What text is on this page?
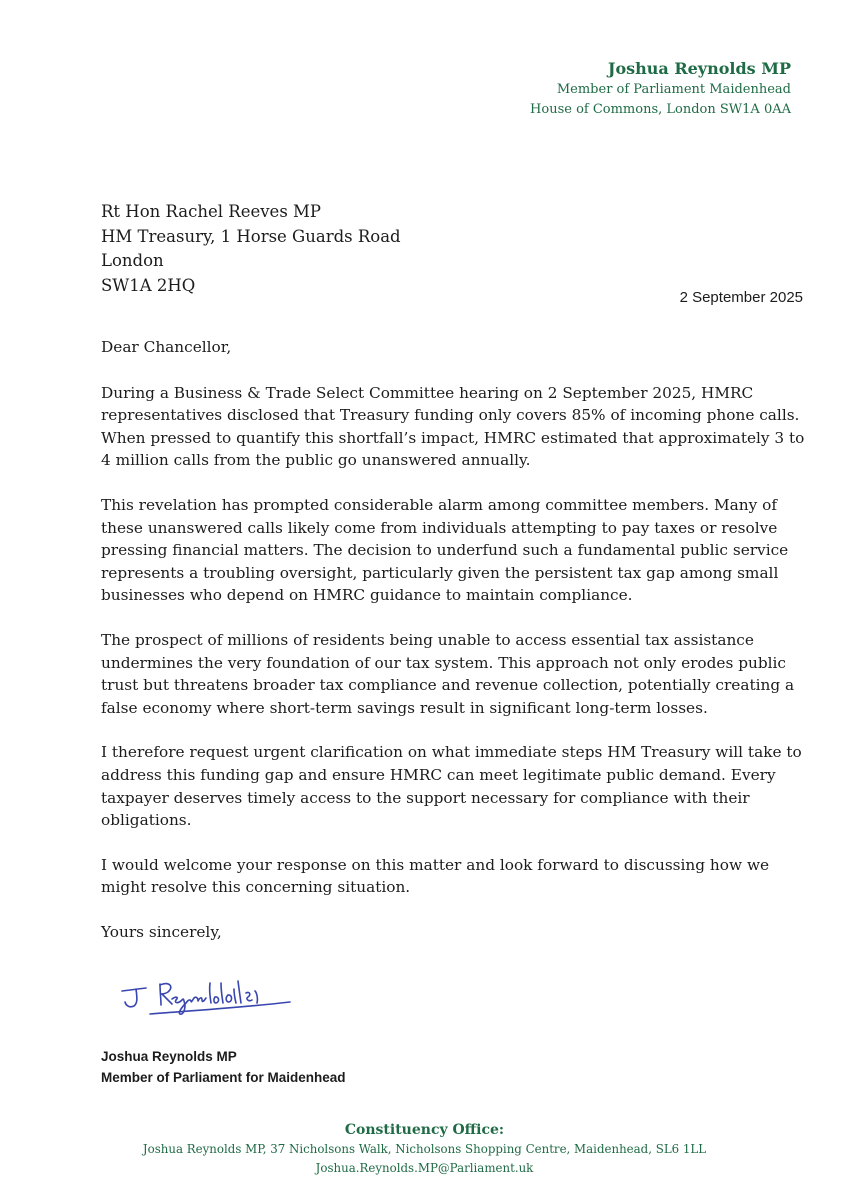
Joshua Reynolds MP
Member of Parliament Maidenhead
House of Commons, London SW1A 0AA
Rt Hon Rachel Reeves MP
HM Treasury, 1 Horse Guards Road
London
SW1A 2HQ
2 September 2025

Dear Chancellor,

During a Business & Trade Select Committee hearing on 2 September 2025, HMRC representatives disclosed that Treasury funding only covers 85% of incoming phone calls. When pressed to quantify this shortfall’s impact, HMRC estimated that approximately 3 to 4 million calls from the public go unanswered annually.

This revelation has prompted considerable alarm among committee members. Many of these unanswered calls likely come from individuals attempting to pay taxes or resolve pressing financial matters. The decision to underfund such a fundamental public service represents a troubling oversight, particularly given the persistent tax gap among small businesses who depend on HMRC guidance to maintain compliance.

The prospect of millions of residents being unable to access essential tax assistance undermines the very foundation of our tax system. This approach not only erodes public trust but threatens broader tax compliance and revenue collection, potentially creating a false economy where short-term savings result in significant long-term losses.

I therefore request urgent clarification on what immediate steps HM Treasury will take to address this funding gap and ensure HMRC can meet legitimate public demand. Every taxpayer deserves timely access to the support necessary for compliance with their obligations.

I would welcome your response on this matter and look forward to discussing how we might resolve this concerning situation.

Yours sincerely,

Joshua Reynolds MP
Member of Parliament for Maidenhead
Constituency Office:
Joshua Reynolds MP, 37 Nicholsons Walk, Nicholsons Shopping Centre, Maidenhead, SL6 1LL
Joshua.Reynolds.MP@Parliament.uk
